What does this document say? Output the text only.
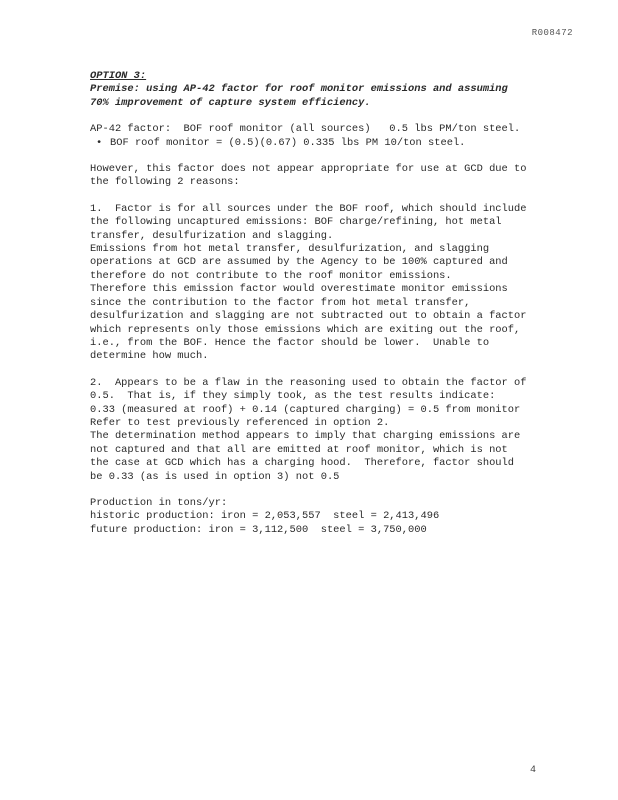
R008472

OPTION 3:

Premise: using AP-42 factor for roof monitor emissions and assuming 70% improvement of capture system efficiency.

AP-42 factor:  BOF roof monitor (all sources)   0.5 lbs PM/ton steel.

• BOF roof monitor = (0.5)(0.67) 0.335 lbs PM 10/ton steel.

However, this factor does not appear appropriate for use at GCD due to the following 2 reasons:

1.  Factor is for all sources under the BOF roof, which should include the following uncaptured emissions: BOF charge/refining, hot metal transfer, desulfurization and slagging.

Emissions from hot metal transfer, desulfurization, and slagging operations at GCD are assumed by the Agency to be 100% captured and therefore do not contribute to the roof monitor emissions.

Therefore this emission factor would overestimate monitor emissions since the contribution to the factor from hot metal transfer, desulfurization and slagging are not subtracted out to obtain a factor which represents only those emissions which are exiting out the roof, i.e., from the BOF. Hence the factor should be lower.  Unable to determine how much.

2.  Appears to be a flaw in the reasoning used to obtain the factor of 0.5.  That is, if they simply took, as the test results indicate:

0.33 (measured at roof) + 0.14 (captured charging) = 0.5 from monitor

Refer to test previously referenced in option 2.

The determination method appears to imply that charging emissions are not captured and that all are emitted at roof monitor, which is not the case at GCD which has a charging hood.  Therefore, factor should be 0.33 (as is used in option 3) not 0.5

Production in tons/yr:

historic production: iron = 2,053,557  steel = 2,413,496

future production: iron = 3,112,500  steel = 3,750,000

4
